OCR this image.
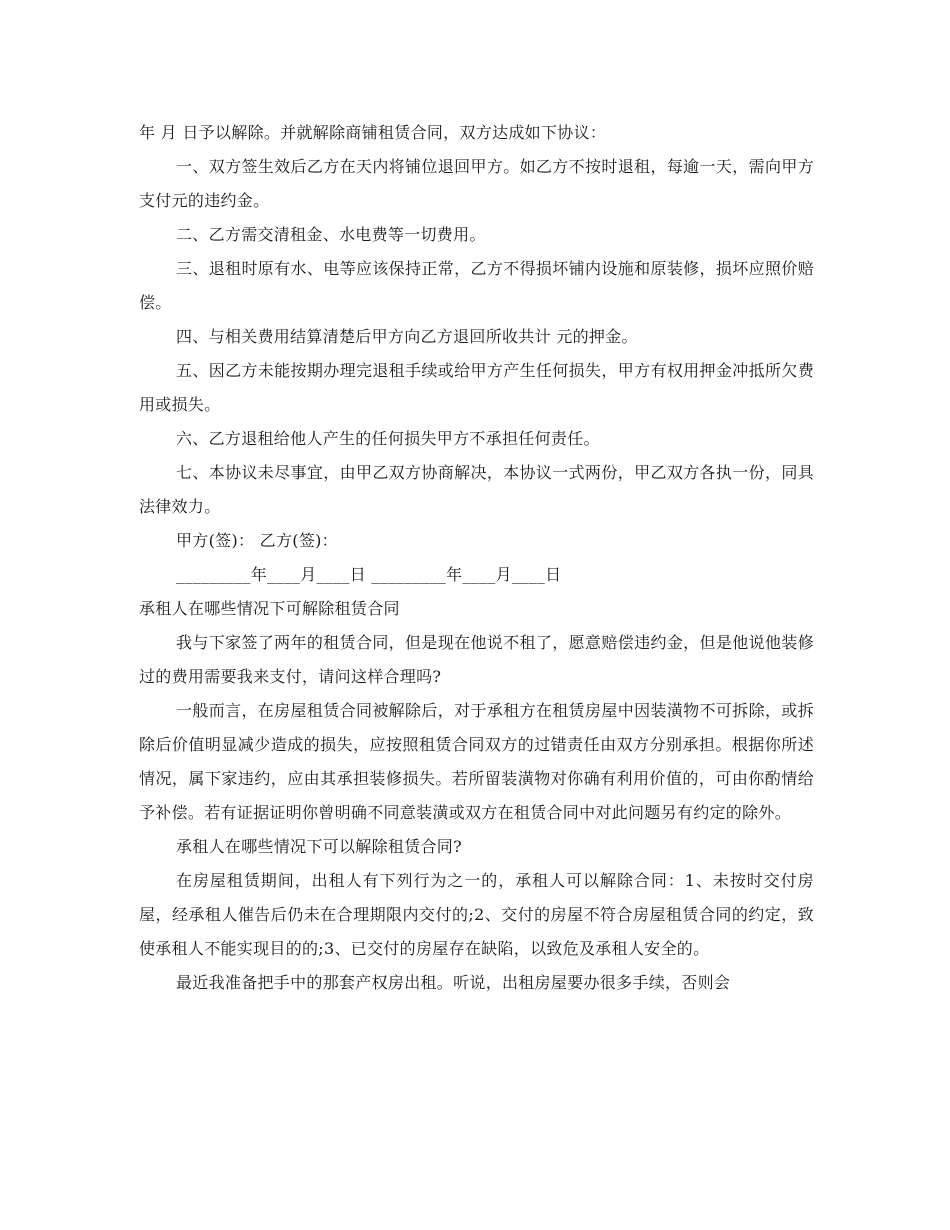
年 月 日予以解除。并就解除商铺租赁合同，双方达成如下协议：

一、双方签生效后乙方在天内将铺位退回甲方。如乙方不按时退租，每逾一天，需向甲方支付元的违约金。

二、乙方需交清租金、水电费等一切费用。

三、退租时原有水、电等应该保持正常，乙方不得损坏铺内设施和原装修，损坏应照价赔偿。

四、与相关费用结算清楚后甲方向乙方退回所收共计 元的押金。

五、因乙方未能按期办理完退租手续或给甲方产生任何损失，甲方有权用押金冲抵所欠费用或损失。

六、乙方退租给他人产生的任何损失甲方不承担任何责任。

七、本协议未尽事宜，由甲乙双方协商解决，本协议一式两份，甲乙双方各执一份，同具法律效力。

甲方(签)： 乙方(签)：

_________年____月____日 _________年____月____日

承租人在哪些情况下可解除租赁合同

我与下家签了两年的租赁合同，但是现在他说不租了，愿意赔偿违约金，但是他说他装修过的费用需要我来支付，请问这样合理吗?

一般而言，在房屋租赁合同被解除后，对于承租方在租赁房屋中因装潢物不可拆除，或拆除后价值明显减少造成的损失，应按照租赁合同双方的过错责任由双方分别承担。根据你所述情况，属下家违约，应由其承担装修损失。若所留装潢物对你确有利用价值的，可由你酌情给予补偿。若有证据证明你曾明确不同意装潢或双方在租赁合同中对此问题另有约定的除外。

承租人在哪些情况下可以解除租赁合同?

在房屋租赁期间，出租人有下列行为之一的，承租人可以解除合同：1、未按时交付房屋，经承租人催告后仍未在合理期限内交付的;2、交付的房屋不符合房屋租赁合同的约定，致使承租人不能实现目的的;3、已交付的房屋存在缺陷，以致危及承租人安全的。

最近我准备把手中的那套产权房出租。听说，出租房屋要办很多手续，否则会
